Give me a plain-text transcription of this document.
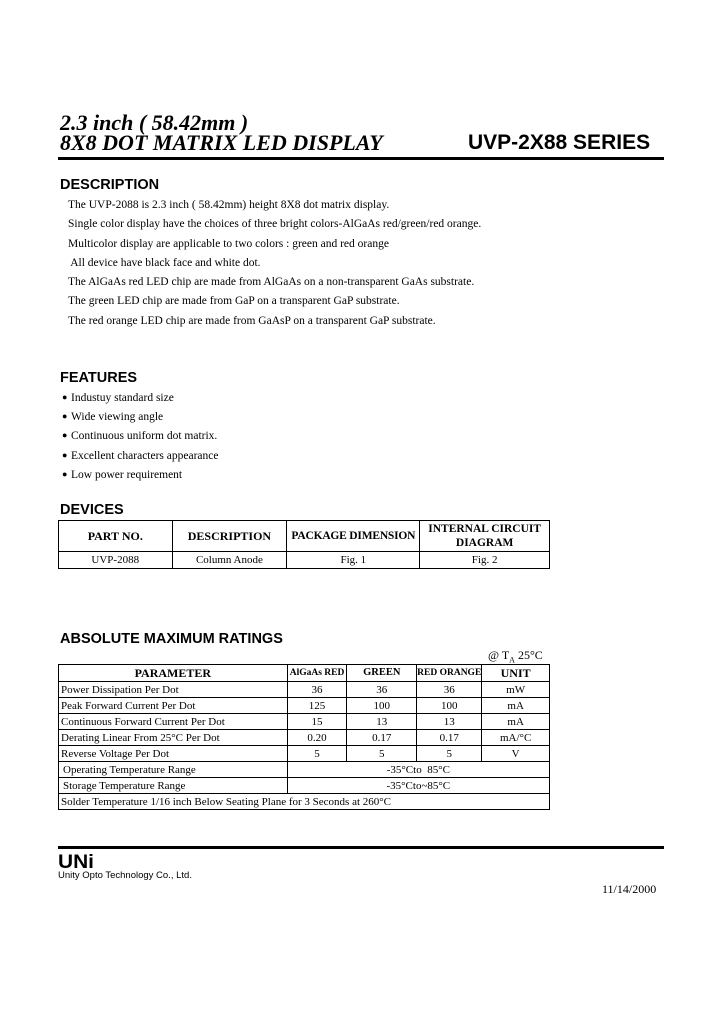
2.3 inch ( 58.42mm )
8X8 DOT MATRIX LED DISPLAY	UVP-2X88 SERIES
DESCRIPTION
The UVP-2088 is 2.3 inch ( 58.42mm) height 8X8 dot matrix display.
Single color display have the choices of three bright colors-AlGaAs red/green/red orange.
Multicolor display are applicable to two colors : green and red orange
All device have black face and white dot.
The AlGaAs red LED chip are made from AlGaAs on a non-transparent GaAs substrate.
The green LED chip are made from GaP on a transparent GaP substrate.
The red orange LED chip are made from GaAsP on a transparent GaP substrate.
FEATURES
● Industuy standard size
● Wide viewing angle
● Continuous uniform dot matrix.
● Excellent characters appearance
● Low power requirement
DEVICES
PART NO.	DESCRIPTION	PACKAGE DIMENSION	INTERNAL CIRCUIT DIAGRAM
UVP-2088	Column Anode	Fig. 1	Fig. 2
ABSOLUTE MAXIMUM RATINGS
@ $T_A$ 25°C
PARAMETER	AlGaAs RED	GREEN	RED ORANGE	UNIT
Power Dissipation Per Dot	36	36	36	mW
Peak Forward Current Per Dot	125	100	100	mA
Continuous Forward Current Per Dot	15	13	13	mA
Derating Linear From 25°C Per Dot	0.20	0.17	0.17	mA/°C
Reverse Voltage Per Dot	5	5	5	V
Operating Temperature Range	-35°Cto  85°C			
Storage Temperature Range	-35°Cto~85°C			
Solder Temperature 1/16 inch Below Seating Plane for 3 Seconds at 260°C				
UNi
Unity Opto Technology Co., Ltd.
11/14/2000
